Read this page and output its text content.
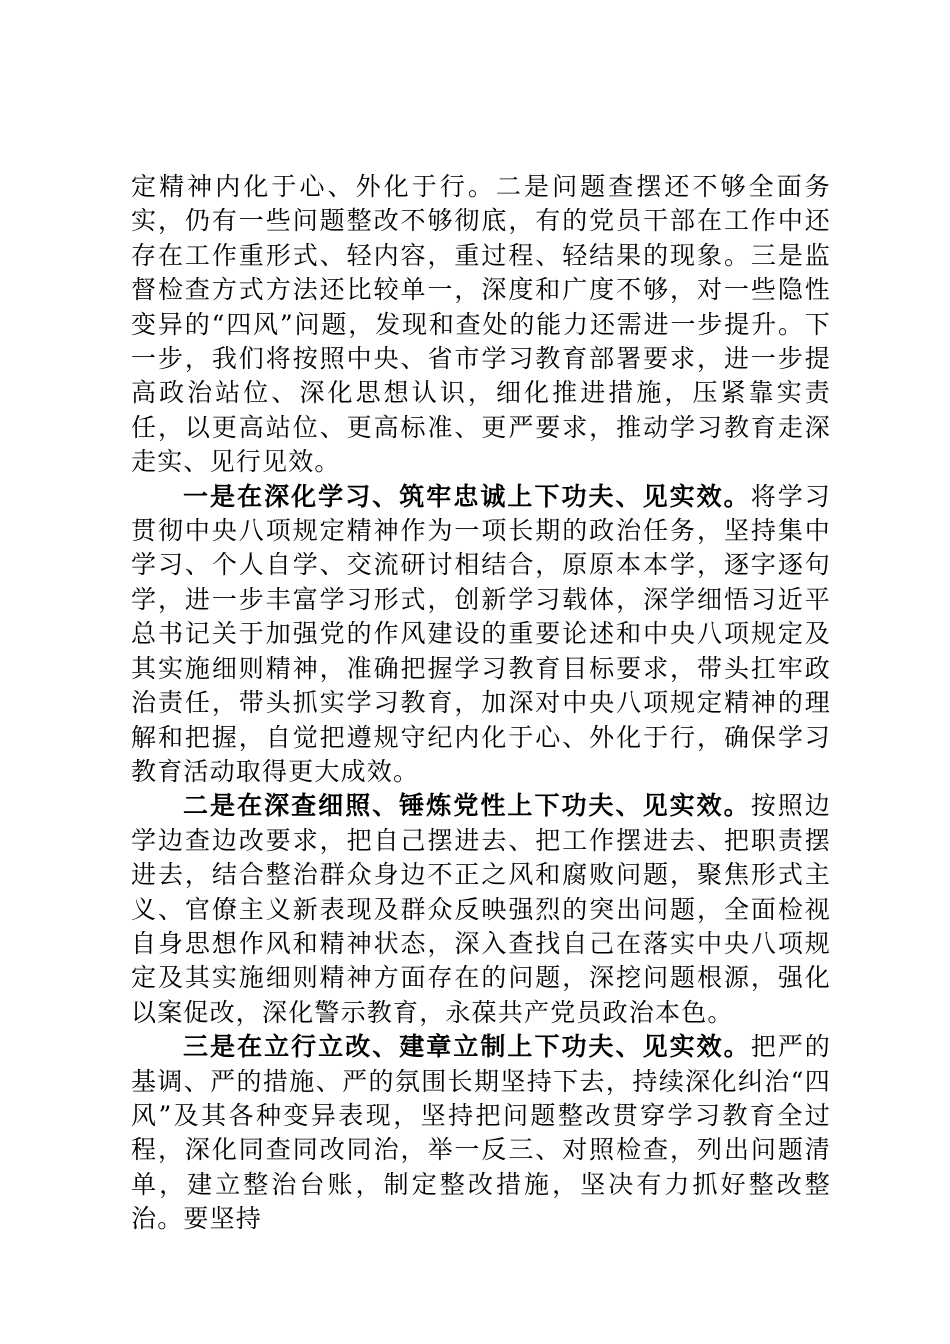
定精神内化于心、外化于行。二是问题查摆还不够全面务实，仍有一些问题整改不够彻底，有的党员干部在工作中还存在工作重形式、轻内容，重过程、轻结果的现象。三是监督检查方式方法还比较单一，深度和广度不够，对一些隐性变异的“四风”问题，发现和查处的能力还需进一步提升。下一步，我们将按照中央、省市学习教育部署要求，进一步提高政治站位、深化思想认识，细化推进措施，压紧靠实责任，以更高站位、更高标准、更严要求，推动学习教育走深走实、见行见效。

一是在深化学习、筑牢忠诚上下功夫、见实效。将学习贯彻中央八项规定精神作为一项长期的政治任务，坚持集中学习、个人自学、交流研讨相结合，原原本本学，逐字逐句学，进一步丰富学习形式，创新学习载体，深学细悟习近平总书记关于加强党的作风建设的重要论述和中央八项规定及其实施细则精神，准确把握学习教育目标要求，带头扛牢政治责任，带头抓实学习教育，加深对中央八项规定精神的理解和把握，自觉把遵规守纪内化于心、外化于行，确保学习教育活动取得更大成效。

二是在深查细照、锤炼党性上下功夫、见实效。按照边学边查边改要求，把自己摆进去、把工作摆进去、把职责摆进去，结合整治群众身边不正之风和腐败问题，聚焦形式主义、官僚主义新表现及群众反映强烈的突出问题，全面检视自身思想作风和精神状态，深入查找自己在落实中央八项规定及其实施细则精神方面存在的问题，深挖问题根源，强化以案促改，深化警示教育，永葆共产党员政治本色。

三是在立行立改、建章立制上下功夫、见实效。把严的基调、严的措施、严的氛围长期坚持下去，持续深化纠治“四风”及其各种变异表现，坚持把问题整改贯穿学习教育全过程，深化同查同改同治，举一反三、对照检查，列出问题清单，建立整治台账，制定整改措施，坚决有力抓好整改整治。要坚持
